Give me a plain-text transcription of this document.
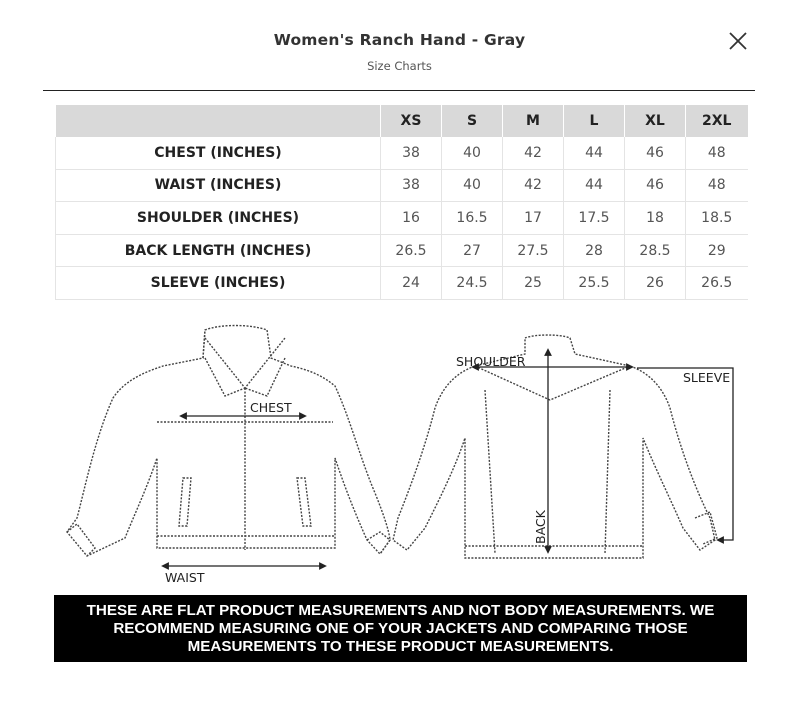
Women's Ranch Hand - Gray
Size Charts
	XS	S	M	L	XL	2XL
CHEST (INCHES)	38	40	42	44	46	48
WAIST (INCHES)	38	40	42	44	46	48
SHOULDER (INCHES)	16	16.5	17	17.5	18	18.5
BACK LENGTH (INCHES)	26.5	27	27.5	28	28.5	29
SLEEVE (INCHES)	24	24.5	25	25.5	26	26.5
CHEST
WAIST
SHOULDER
SLEEVE
BACK
THESE ARE FLAT PRODUCT MEASUREMENTS AND NOT BODY MEASUREMENTS. WE
RECOMMEND MEASURING ONE OF YOUR JACKETS AND COMPARING THOSE
MEASUREMENTS TO THESE PRODUCT MEASUREMENTS.
